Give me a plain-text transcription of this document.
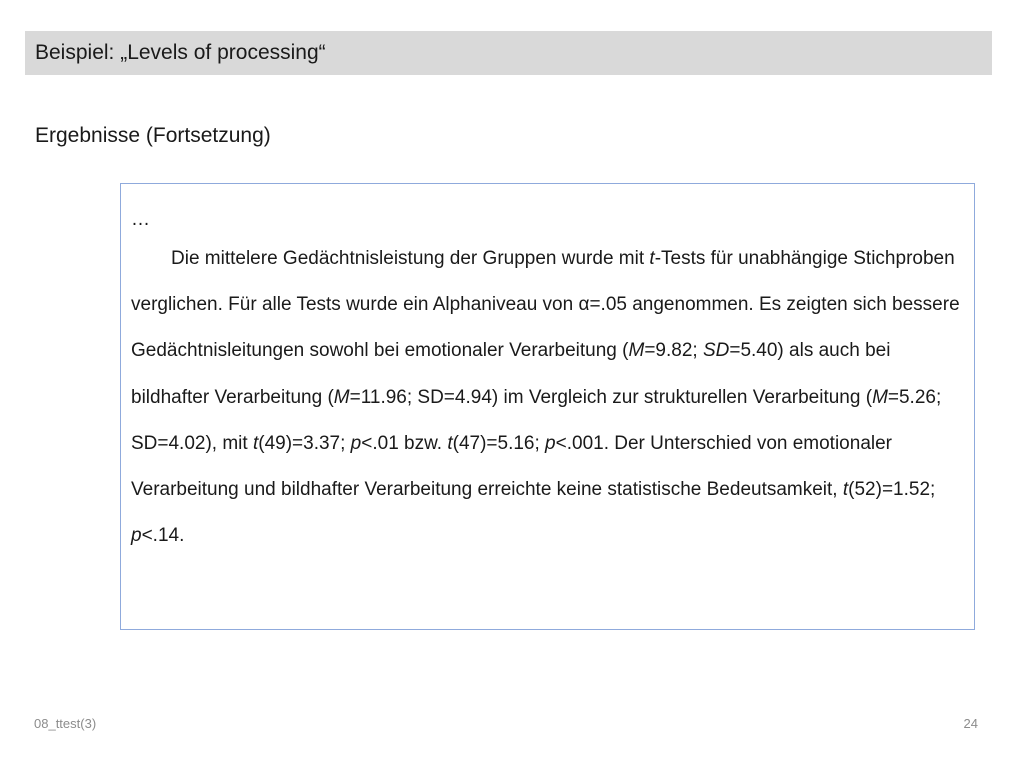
Beispiel: „Levels of processing“
Ergebnisse (Fortsetzung)
…

Die mittelere Gedächtnisleistung der Gruppen wurde mit t-Tests für unabhängige Stichproben verglichen. Für alle Tests wurde ein Alphaniveau von α=.05 angenommen. Es zeigten sich bessere Gedächtnisleitungen sowohl bei emotionaler Verarbeitung (M=9.82; SD=5.40) als auch bei bildhafter Verarbeitung (M=11.96; SD=4.94) im Vergleich zur strukturellen Verarbeitung (M=5.26; SD=4.02), mit t(49)=3.37; p<.01 bzw. t(47)=5.16; p<.001. Der Unterschied von emotionaler Verarbeitung und bildhafter Verarbeitung erreichte keine statistische Bedeutsamkeit, t(52)=1.52; p<.14.

08_ttest(3)	24
